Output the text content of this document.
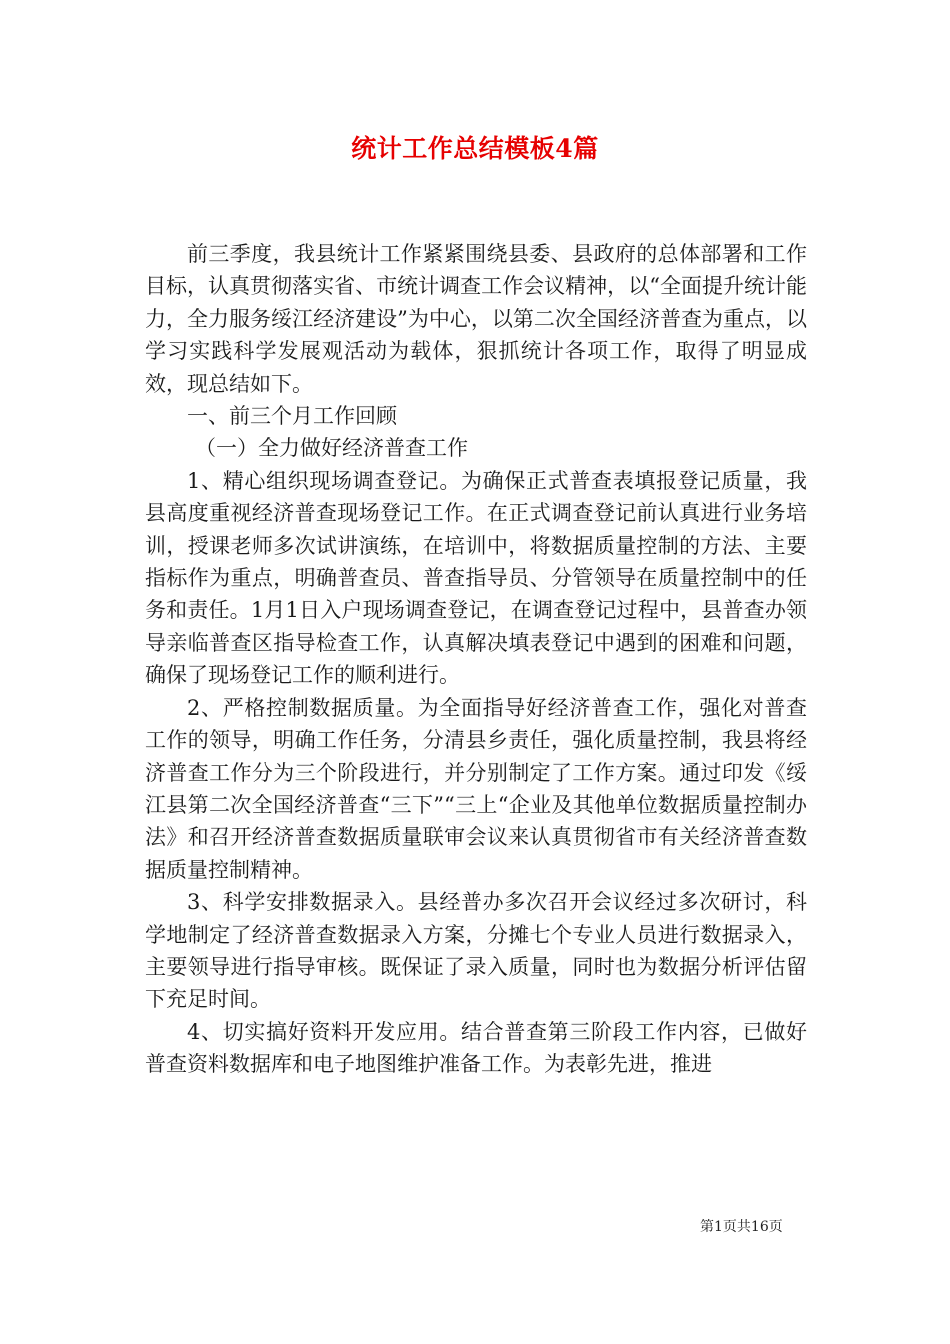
统计工作总结模板4篇

前三季度，我县统计工作紧紧围绕县委、县政府的总体部署和工作目标，认真贯彻落实省、市统计调查工作会议精神，以“全面提升统计能力，全力服务绥江经济建设”为中心，以第二次全国经济普查为重点，以学习实践科学发展观活动为载体，狠抓统计各项工作，取得了明显成效，现总结如下。

一、前三个月工作回顾

（一）全力做好经济普查工作

1、精心组织现场调查登记。为确保正式普查表填报登记质量，我县高度重视经济普查现场登记工作。在正式调查登记前认真进行业务培训，授课老师多次试讲演练，在培训中，将数据质量控制的方法、主要指标作为重点，明确普查员、普查指导员、分管领导在质量控制中的任务和责任。1月1日入户现场调查登记，在调查登记过程中，县普查办领导亲临普查区指导检查工作，认真解决填表登记中遇到的困难和问题，确保了现场登记工作的顺利进行。

2、严格控制数据质量。为全面指导好经济普查工作，强化对普查工作的领导，明确工作任务，分清县乡责任，强化质量控制，我县将经济普查工作分为三个阶段进行，并分别制定了工作方案。通过印发《绥江县第二次全国经济普查“三下”“三上“企业及其他单位数据质量控制办法》和召开经济普查数据质量联审会议来认真贯彻省市有关经济普查数据质量控制精神。

3、科学安排数据录入。县经普办多次召开会议经过多次研讨，科学地制定了经济普查数据录入方案，分摊七个专业人员进行数据录入，主要领导进行指导审核。既保证了录入质量，同时也为数据分析评估留下充足时间。

4、切实搞好资料开发应用。结合普查第三阶段工作内容，已做好普查资料数据库和电子地图维护准备工作。为表彰先进，推进

第1页共16页
